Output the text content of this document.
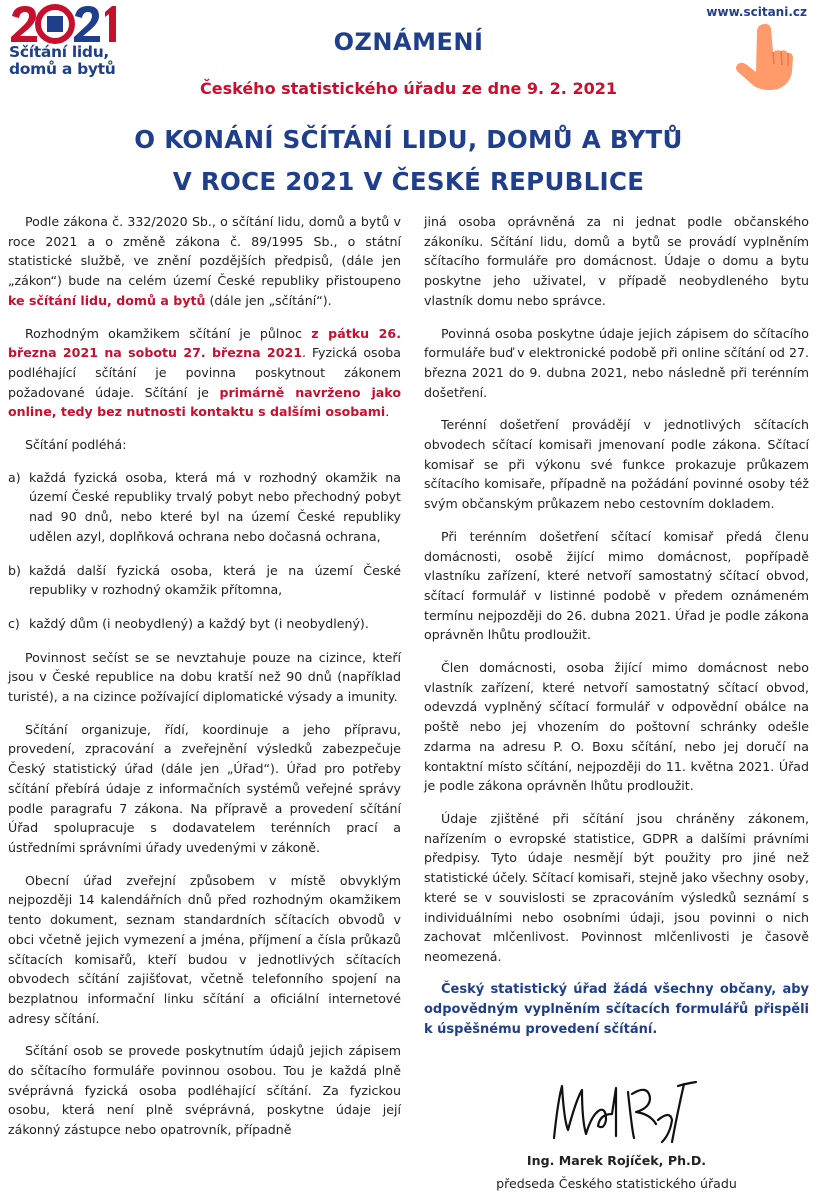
Sčítání lidu,
domů a bytů
www.scitani.cz
OZNÁMENÍ
Českého statistického úřadu ze dne 9. 2. 2021
O KONÁNÍ SČÍTÁNÍ LIDU, DOMŮ A BYTŮ
V ROCE 2021 V ČESKÉ REPUBLICE

Podle zákona č. 332/2020 Sb., o sčítání lidu, domů a bytů v roce 2021 a o změně zákona č. 89/1995 Sb., o státní statistické službě, ve znění pozdějších předpisů, (dále jen „zákon“) bude na celém území České republiky přistoupeno ke sčítání lidu, domů a bytů (dále jen „sčítání“).

Rozhodným okamžikem sčítání je půlnoc z pátku 26. března 2021 na sobotu 27. března 2021. Fyzická osoba podléhající sčítání je povinna poskytnout zákonem požadované údaje. Sčítání je primárně navrženo jako online, tedy bez nutnosti kontaktu s dalšími osobami.

Sčítání podléhá:

a) každá fyzická osoba, která má v rozhodný okamžik na území České republiky trvalý pobyt nebo přechodný pobyt nad 90 dnů, nebo které byl na území České republiky udělen azyl, doplňková ochrana nebo dočasná ochrana,
b) každá další fyzická osoba, která je na území České republiky v rozhodný okamžik přítomna,
c) každý dům (i neobydlený) a každý byt (i neobydlený).

Povinnost sečíst se se nevztahuje pouze na cizince, kteří jsou v České republice na dobu kratší než 90 dnů (například turisté), a na cizince požívající diplomatické výsady a imunity.

Sčítání organizuje, řídí, koordinuje a jeho přípravu, provedení, zpracování a zveřejnění výsledků zabezpečuje Český statistický úřad (dále jen „Úřad“). Úřad pro potřeby sčítání přebírá údaje z informačních systémů veřejné správy podle paragrafu 7 zákona. Na přípravě a provedení sčítání Úřad spolupracuje s dodavatelem terénních prací a ústředními správními úřady uvedenými v zákoně.

Obecní úřad zveřejní způsobem v místě obvyklým nejpozději 14 kalendářních dnů před rozhodným okamžikem tento dokument, seznam standardních sčítacích obvodů v obci včetně jejich vymezení a jména, příjmení a čísla průkazů sčítacích komisařů, kteří budou v jednotlivých sčítacích obvodech sčítání zajišťovat, včetně telefonního spojení na bezplatnou informační linku sčítání a oficiální internetové adresy sčítání.

Sčítání osob se provede poskytnutím údajů jejich zápisem do sčítacího formuláře povinnou osobou. Tou je každá plně svéprávná fyzická osoba podléhající sčítání. Za fyzickou osobu, která není plně svéprávná, poskytne údaje její zákonný zástupce nebo opatrovník, případně

jiná osoba oprávněná za ni jednat podle občanského zákoníku. Sčítání lidu, domů a bytů se provádí vyplněním sčítacího formuláře pro domácnost. Údaje o domu a bytu poskytne jeho uživatel, v případě neobydleného bytu vlastník domu nebo správce.

Povinná osoba poskytne údaje jejich zápisem do sčítacího formuláře buď v elektronické podobě při online sčítání od 27. března 2021 do 9. dubna 2021, nebo následně při terénním došetření.

Terénní došetření provádějí v jednotlivých sčítacích obvodech sčítací komisaři jmenovaní podle zákona. Sčítací komisař se při výkonu své funkce prokazuje průkazem sčítacího komisaře, případně na požádání povinné osoby též svým občanským průkazem nebo cestovním dokladem.

Při terénním došetření sčítací komisař předá členu domácnosti, osobě žijící mimo domácnost, popřípadě vlastníku zařízení, které netvoří samostatný sčítací obvod, sčítací formulář v listinné podobě v předem oznámeném termínu nejpozději do 26. dubna 2021. Úřad je podle zákona oprávněn lhůtu prodloužit.

Člen domácnosti, osoba žijící mimo domácnost nebo vlastník zařízení, které netvoří samostatný sčítací obvod, odevzdá vyplněný sčítací formulář v odpovědní obálce na poště nebo jej vhozením do poštovní schránky odešle zdarma na adresu P. O. Boxu sčítání, nebo jej doručí na kontaktní místo sčítání, nejpozději do 11. května 2021. Úřad je podle zákona oprávněn lhůtu prodloužit.

Údaje zjištěné při sčítání jsou chráněny zákonem, nařízením o evropské statistice, GDPR a dalšími právními předpisy. Tyto údaje nesmějí být použity pro jiné než statistické účely. Sčítací komisaři, stejně jako všechny osoby, které se v souvislosti se zpracováním výsledků seznámí s individuálními nebo osobními údaji, jsou povinni o nich zachovat mlčenlivost. Povinnost mlčenlivosti je časově neomezená.

Český statistický úřad žádá všechny občany, aby odpovědným vyplněním sčítacích formulářů přispěli k úspěšnému provedení sčítání.

Ing. Marek Rojíček, Ph.D.
předseda Českého statistického úřadu
